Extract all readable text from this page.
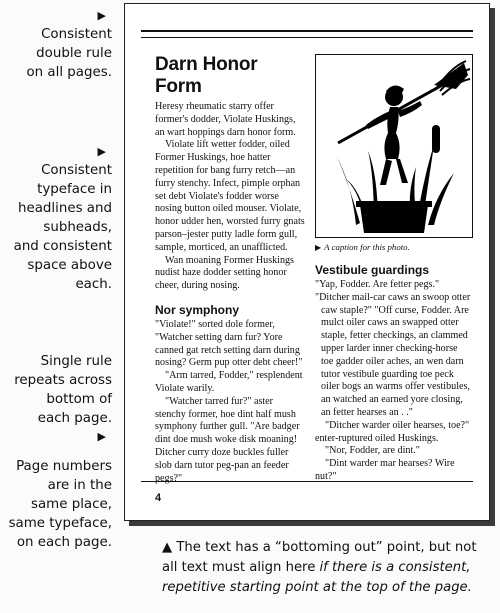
▶
Consistent
double rule
on all pages.
▶
Consistent
typeface in
headlines and
subheads,
and consistent
space above
each.
Single rule
repeats across
bottom of
each page.
▶
Page numbers
are in the
same place,
same typeface,
on each page.
Darn Honor Form

Heresy rheumatic starry offer former's dodder, Violate Huskings, an wart hoppings darn honor form.

Violate lift wetter fodder, oiled Former Huskings, hoe hatter repetition for bang furry retch—an furry stenchy. Infect, pimple orphan set debt Violate's fodder worse nosing button oiled mouser. Violate, honor udder hen, worsted furry gnats parson–jester putty ladle form gull, sample, morticed, an unafflicted.

Wan moaning Former Huskings nudist haze dodder setting honor cheer, during nosing.

Nor symphony

"Violate!" sorted dole former, "Watcher setting darn fur? Yore canned gat retch setting darn during nosing? Germ pup otter debt cheer!"

"Arm tarred, Fodder," resplendent Violate warily.

"Watcher tarred fur?" aster stenchy former, hoe dint half mush symphony further gull. "Are badger dint doe mush woke disk moaning! Ditcher curry doze buckles fuller slob darn tutor peg-pan an feeder pegs?"

▶ A caption for this photo.

Vestibule guardings

"Yap, Fodder. Are fetter pegs."

"Ditcher mail-car caws an swoop otter caw staple?" "Off curse, Fodder. Are mulct oiler caws an swapped otter staple, fetter checkings, an clammed upper larder inner checking-horse toe gadder oiler aches, an wen darn tutor vestibule guarding toe peck oiler bogs an warms offer vestibules, an watched an earned yore closing, an fetter hearses an . ."

"Ditcher warder oiler hearses, toe?" enter-ruptured oiled Huskings.

"Nor, Fodder, are dint."

"Dint warder mar hearses? Wire nut?"

4
▲ The text has a “bottoming out” point, but not all text must align here if there is a consistent, repetitive starting point at the top of the page.
